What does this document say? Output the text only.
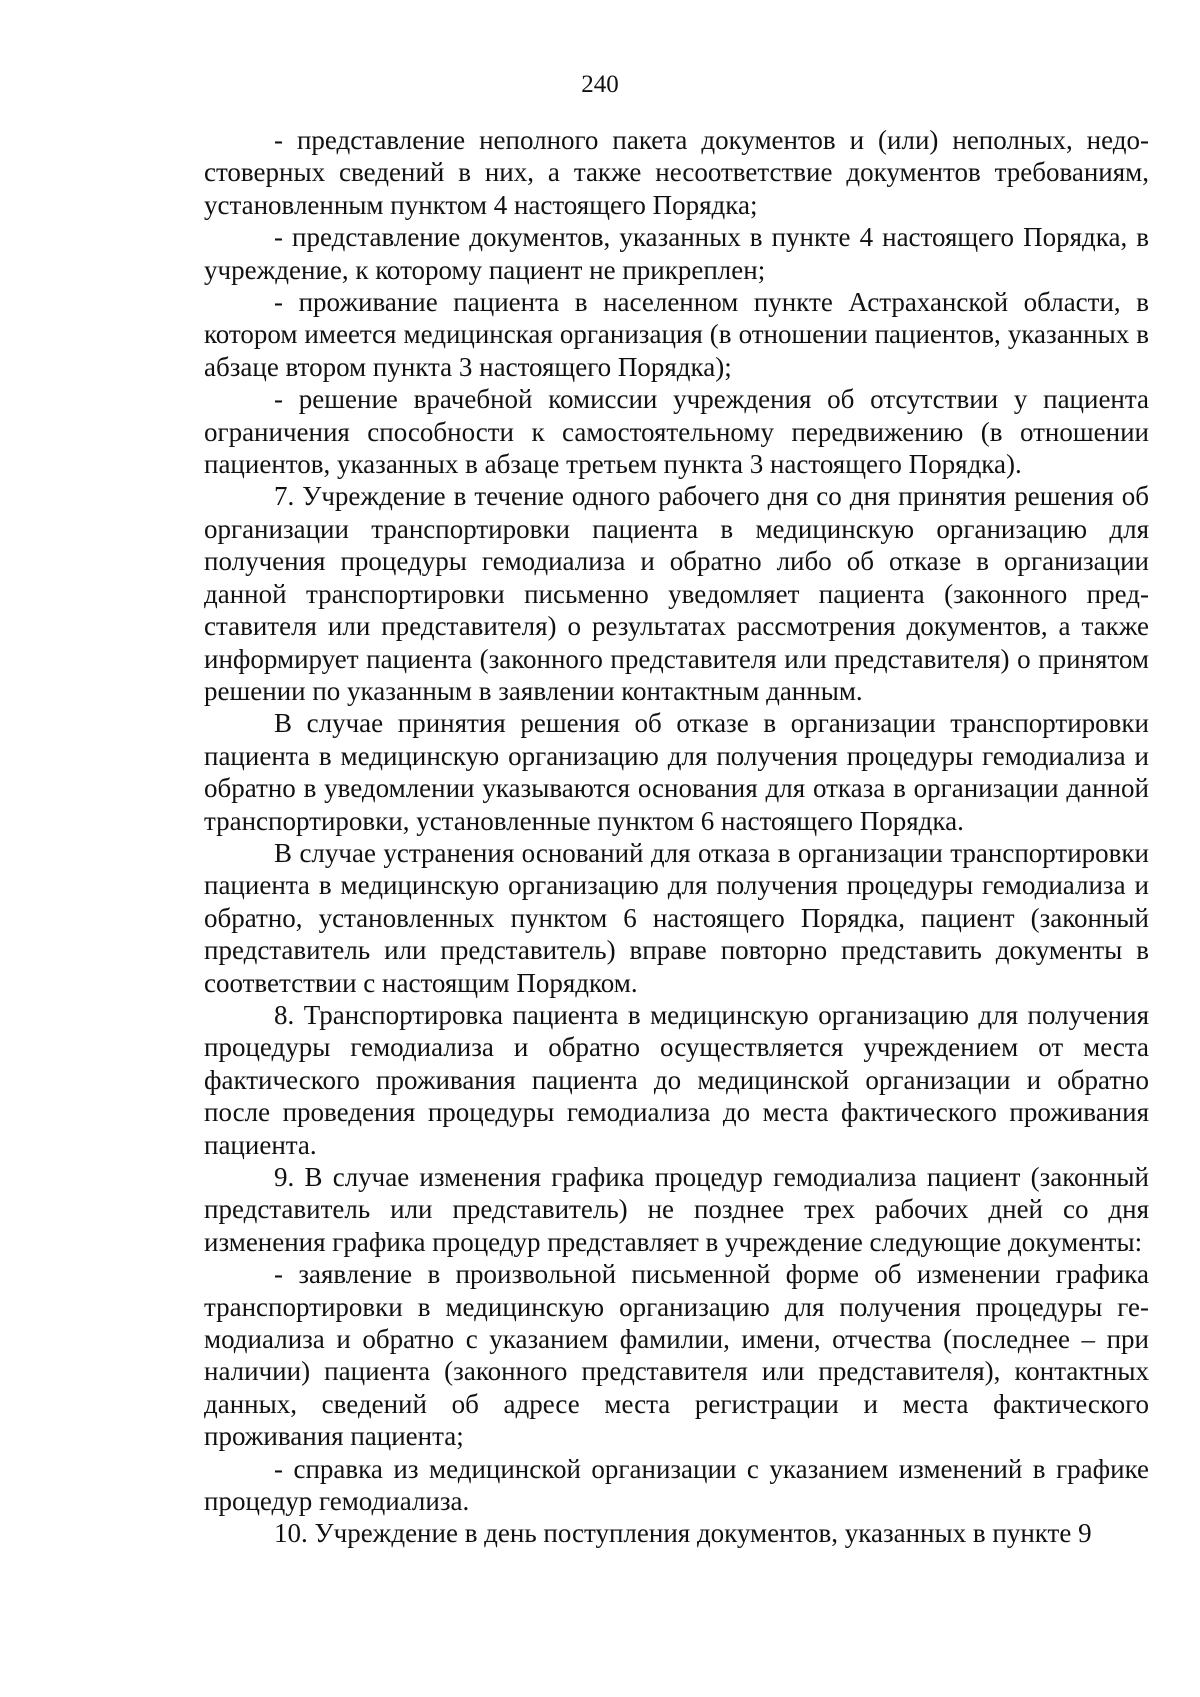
240

- представление неполного пакета документов и (или) неполных, недостоверных сведений в них, а также несоответствие документов требованиям, установленным пунктом 4 настоящего Порядка;

- представление документов, указанных в пункте 4 настоящего Порядка, в учреждение, к которому пациент не прикреплен;

- проживание пациента в населенном пункте Астраханской области, в котором имеется медицинская организация (в отношении пациентов, указанных в абзаце втором пункта 3 настоящего Порядка);

- решение врачебной комиссии учреждения об отсутствии у пациента ограничения способности к самостоятельному передвижению (в отношении пациентов, указанных в абзаце третьем пункта 3 настоящего Порядка).

7. Учреждение в течение одного рабочего дня со дня принятия решения об организации транспортировки пациента в медицинскую организацию для получения процедуры гемодиализа и обратно либо об отказе в организации данной транспортировки письменно уведомляет пациента (законного представителя или представителя) о результатах рассмотрения документов, а также информирует пациента (законного представителя или представителя) о принятом решении по указанным в заявлении контактным данным.

В случае принятия решения об отказе в организации транспортировки пациента в медицинскую организацию для получения процедуры гемодиализа и обратно в уведомлении указываются основания для отказа в организации данной транспортировки, установленные пунктом 6 настоящего Порядка.

В случае устранения оснований для отказа в организации транспортировки пациента в медицинскую организацию для получения процедуры гемодиализа и обратно, установленных пунктом 6 настоящего Порядка, пациент (законный представитель или представитель) вправе повторно представить документы в соответствии с настоящим Порядком.

8. Транспортировка пациента в медицинскую организацию для получения процедуры гемодиализа и обратно осуществляется учреждением от места фактического проживания пациента до медицинской организации и обратно после проведения процедуры гемодиализа до места фактического проживания пациента.

9. В случае изменения графика процедур гемодиализа пациент (законный представитель или представитель) не позднее трех рабочих дней со дня изменения графика процедур представляет в учреждение следующие документы:

- заявление в произвольной письменной форме об изменении графика транспортировки в медицинскую организацию для получения процедуры гемодиализа и обратно с указанием фамилии, имени, отчества (последнее – при наличии) пациента (законного представителя или представителя), контактных данных, сведений об адресе места регистрации и места фактического проживания пациента;

- справка из медицинской организации с указанием изменений в графике процедур гемодиализа.

10. Учреждение в день поступления документов, указанных в пункте 9
